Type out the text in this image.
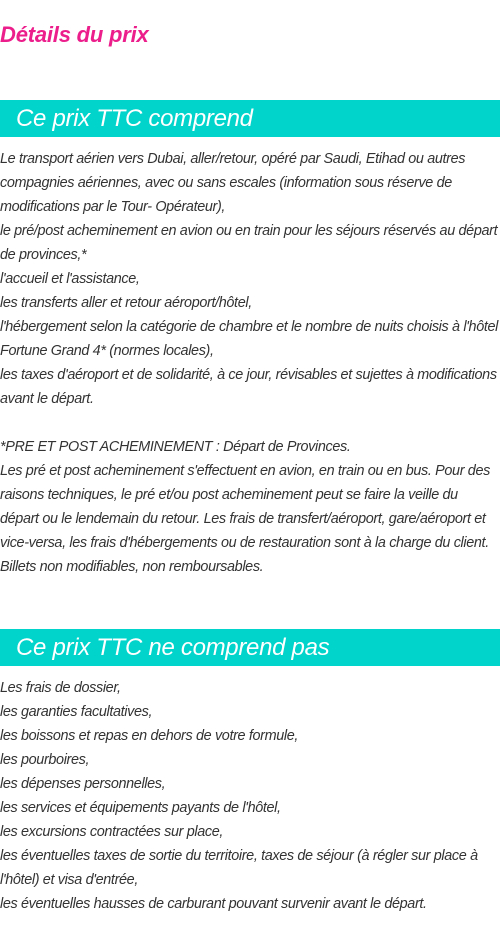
Détails du prix
Ce prix TTC comprend

Le transport aérien vers Dubai, aller/retour, opéré par Saudi, Etihad ou autres compagnies aériennes, avec ou sans escales (information sous réserve de modifications par le Tour- Opérateur),

le pré/post acheminement en avion ou en train pour les séjours réservés au départ de provinces,*

l'accueil et l'assistance,

les transferts aller et retour aéroport/hôtel,

l'hébergement selon la catégorie de chambre et le nombre de nuits choisis à l'hôtel Fortune Grand 4* (normes locales),

les taxes d'aéroport et de solidarité, à ce jour, révisables et sujettes à modifications avant le départ.

*PRE ET POST ACHEMINEMENT : Départ de Provinces.

Les pré et post acheminement s'effectuent en avion, en train ou en bus. Pour des raisons techniques, le pré et/ou post acheminement peut se faire la veille du départ ou le lendemain du retour. Les frais de transfert/aéroport, gare/aéroport et vice-versa, les frais d'hébergements ou de restauration sont à la charge du client. Billets non modifiables, non remboursables.

Ce prix TTC ne comprend pas

Les frais de dossier,

les garanties facultatives,

les boissons et repas en dehors de votre formule,

les pourboires,

les dépenses personnelles,

les services et équipements payants de l'hôtel,

les excursions contractées sur place,

les éventuelles taxes de sortie du territoire, taxes de séjour (à régler sur place à l'hôtel) et visa d'entrée,

les éventuelles hausses de carburant pouvant survenir avant le départ.
